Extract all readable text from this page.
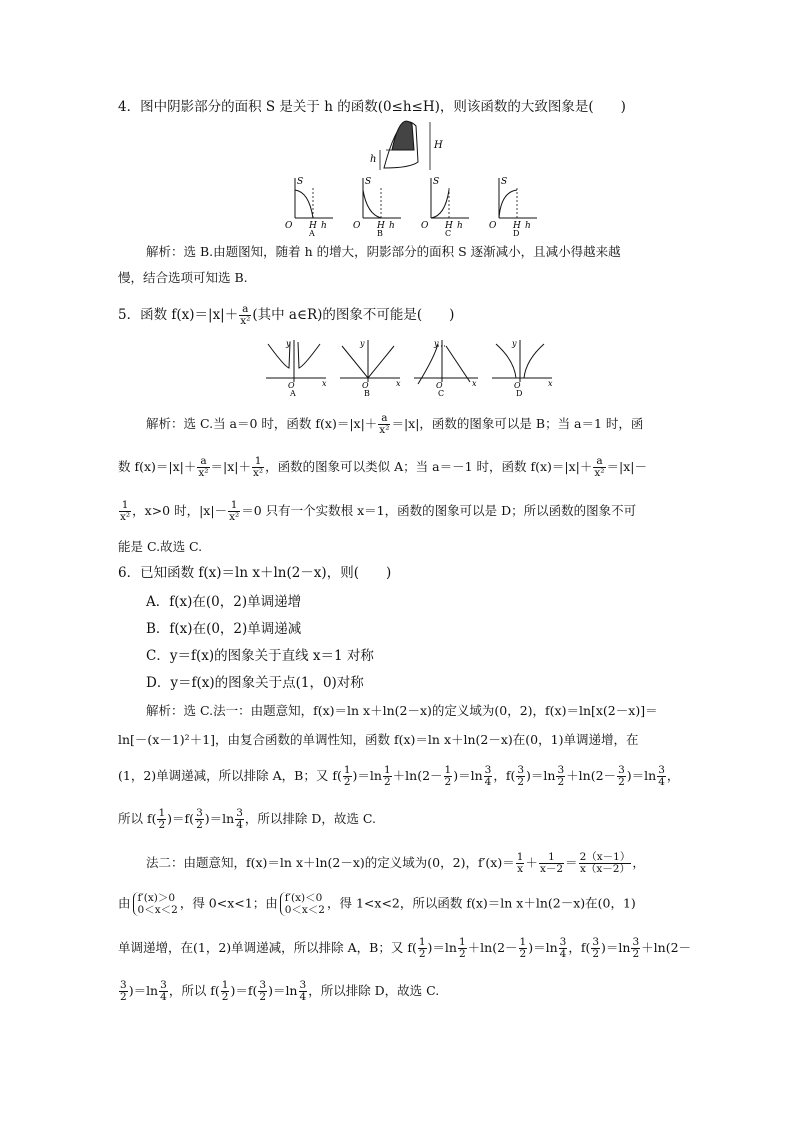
4．图中阴影部分的面积 S 是关于 h 的函数(0≤h≤H)，则该函数的大致图象是(　　)
H
h
S
O H h
A
S
O H h
B
S
O H h
C
S
O H h
D
解析：选 B.由题图知，随着 h 的增大，阴影部分的面积 S 逐渐减小，且减小得越来越
慢，结合选项可知选 B.
5．函数 $f(x)=|x|+ \frac{a}{\text{x²}}$ (其中 a∈R)的图象不可能是(　　)
y
O	x
A
y
O	x
B
y
O	x
C
y
O	x
D
解析：选 C.当 a＝0 时，函数 $f(x)=|x|+ \frac{a}{\text{x²}} =|x|$，函数的图象可以是 B；当 a＝1 时，函
数 $f(x)=|x|+ \frac{a}{\text{x²}} =|x|+ \frac{1}{\text{x²}}$ ，函数的图象可以类似 A；当 a＝－1 时，函数 $f(x)=|x|+ \frac{a}{\text{x²}} =|x|-$
$\frac{1}{\text{x²}}$ ，x>0 时，$|x|- \frac{1}{\text{x²}} =0$ 只有一个实数根 x＝1，函数的图象可以是 D；所以函数的图象不可
能是 C.故选 C.
6．已知函数 f(x)＝ln x＋ln(2－x)，则(　　)
A．f(x)在(0，2)单调递增
B．f(x)在(0，2)单调递减
C．y＝f(x)的图象关于直线 x＝1 对称
D．y＝f(x)的图象关于点(1，0)对称
解析：选 C.法一：由题意知，f(x)＝ln x＋ln(2－x)的定义域为(0，2)，f(x)＝ln[x(2－x)]＝
ln[－(x－1)²＋1]，由复合函数的单调性知，函数 f(x)＝ln x＋ln(2－x)在(0，1)单调递增，在
(1，2)单调递减，所以排除 A，B；又 $f( \frac{1}{2} )=\ln \frac{1}{2} +\ln(2- \frac{1}{2} )=\ln \frac{3}{4}$ ，$f( \frac{3}{2} )=\ln \frac{3}{2} +\ln(2- \frac{3}{2} )=\ln \frac{3}{4}$ ，
所以 $f( \frac{1}{2} )=f( \frac{3}{2} )=\ln \frac{3}{4}$ ，所以排除 D，故选 C.
法二：由题意知，f(x)＝ln x＋ln(2－x)的定义域为(0，2)，$f'(x)= \frac{1}{x} + \frac{1}{x-2} = \frac{2(x-1)}{x(x-2)}$ ，
由 f′(x)＞0
0＜x＜2 ，得 0<x<1；由 f′(x)＜0
0＜x＜2 ，得 1<x<2，所以函数 f(x)＝ln x＋ln(2－x)在(0，1)
单调递增，在(1，2)单调递减，所以排除 A，B；又 $f( \frac{1}{2} )=\ln \frac{1}{2} +\ln(2- \frac{1}{2} )=\ln \frac{3}{4}$ ，$f( \frac{3}{2} )=\ln \frac{3}{2} +\ln(2-$
$\frac{3}{2} )=\ln \frac{3}{4}$ ，所以 $f( \frac{1}{2} )=f( \frac{3}{2} )=\ln \frac{3}{4}$ ，所以排除 D，故选 C.
